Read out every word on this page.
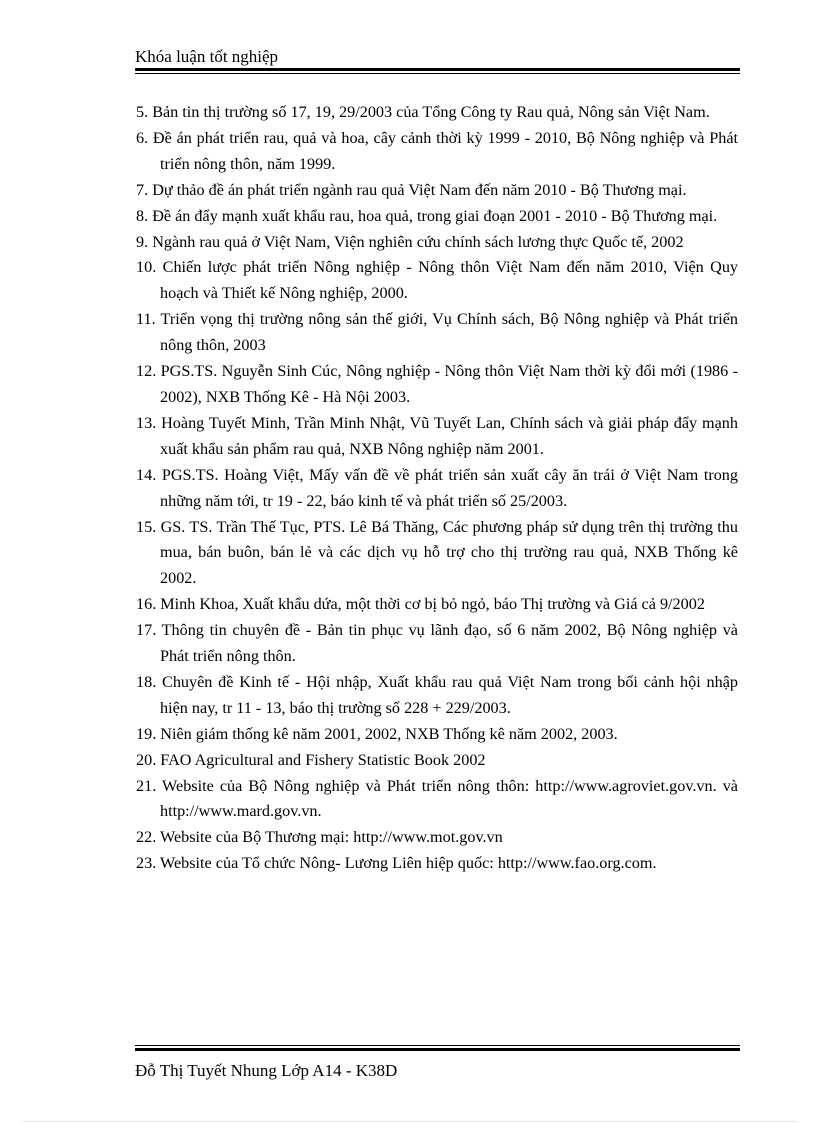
Khóa luận tốt nghiệp
5. Bản tin thị trường số 17, 19, 29/2003 của Tổng Công ty Rau quả, Nông sản Việt Nam.
6. Đề án phát triển rau, quả và hoa, cây cảnh thời kỳ 1999 - 2010, Bộ Nông nghiệp và Phát triển nông thôn, năm 1999.
7. Dự thảo đề án phát triển ngành rau quả Việt Nam đến năm 2010 - Bộ Thương mại.
8. Đề án đẩy mạnh xuất khẩu rau, hoa quả, trong giai đoạn 2001 - 2010 - Bộ Thương mại.
9. Ngành rau quả ở Việt Nam, Viện nghiên cứu chính sách lương thực Quốc tế, 2002
10. Chiến lược phát triển Nông nghiệp - Nông thôn Việt Nam đến năm 2010, Viện Quy hoạch và Thiết kế Nông nghiệp, 2000.
11. Triển vọng thị trường nông sản thế giới, Vụ Chính sách, Bộ Nông nghiệp và Phát triển nông thôn, 2003
12. PGS.TS. Nguyễn Sinh Cúc, Nông nghiệp - Nông thôn Việt Nam thời kỳ đổi mới (1986 - 2002), NXB Thống Kê - Hà Nội 2003.
13. Hoàng Tuyết Minh, Trần Minh Nhật, Vũ Tuyết Lan, Chính sách và giải pháp đẩy mạnh xuất khẩu sản phẩm rau quả, NXB Nông nghiệp năm 2001.
14. PGS.TS. Hoàng Việt, Mấy vấn đề về phát triển sản xuất cây ăn trái ở Việt Nam trong những năm tới, tr 19 - 22, báo kinh tế và phát triển số 25/2003.
15. GS. TS. Trần Thế Tục, PTS. Lê Bá Thăng, Các phương pháp sử dụng trên thị trường thu mua, bán buôn, bán lẻ và các dịch vụ hỗ trợ cho thị trường rau quả, NXB Thống kê 2002.
16. Minh Khoa, Xuất khẩu dứa, một thời cơ bị bỏ ngỏ, báo Thị trường và Giá cả 9/2002
17. Thông tin chuyên đề - Bản tin phục vụ lãnh đạo, số 6 năm 2002, Bộ Nông nghiệp và Phát triển nông thôn.
18. Chuyên đề Kinh tế - Hội nhập, Xuất khẩu rau quả Việt Nam trong bối cảnh hội nhập hiện nay, tr 11 - 13, báo thị trường số 228 + 229/2003.
19. Niên giám thống kê năm 2001, 2002, NXB Thống kê năm 2002, 2003.
20. FAO Agricultural and Fishery Statistic Book 2002
21. Website của Bộ Nông nghiệp và Phát triển nông thôn: http://www.agroviet.gov.vn. và http://www.mard.gov.vn.
22. Website của Bộ Thương mại: http://www.mot.gov.vn
23. Website của Tổ chức Nông- Lương Liên hiệp quốc: http://www.fao.org.com.
Đỗ Thị Tuyết Nhung Lớp A14 - K38D
